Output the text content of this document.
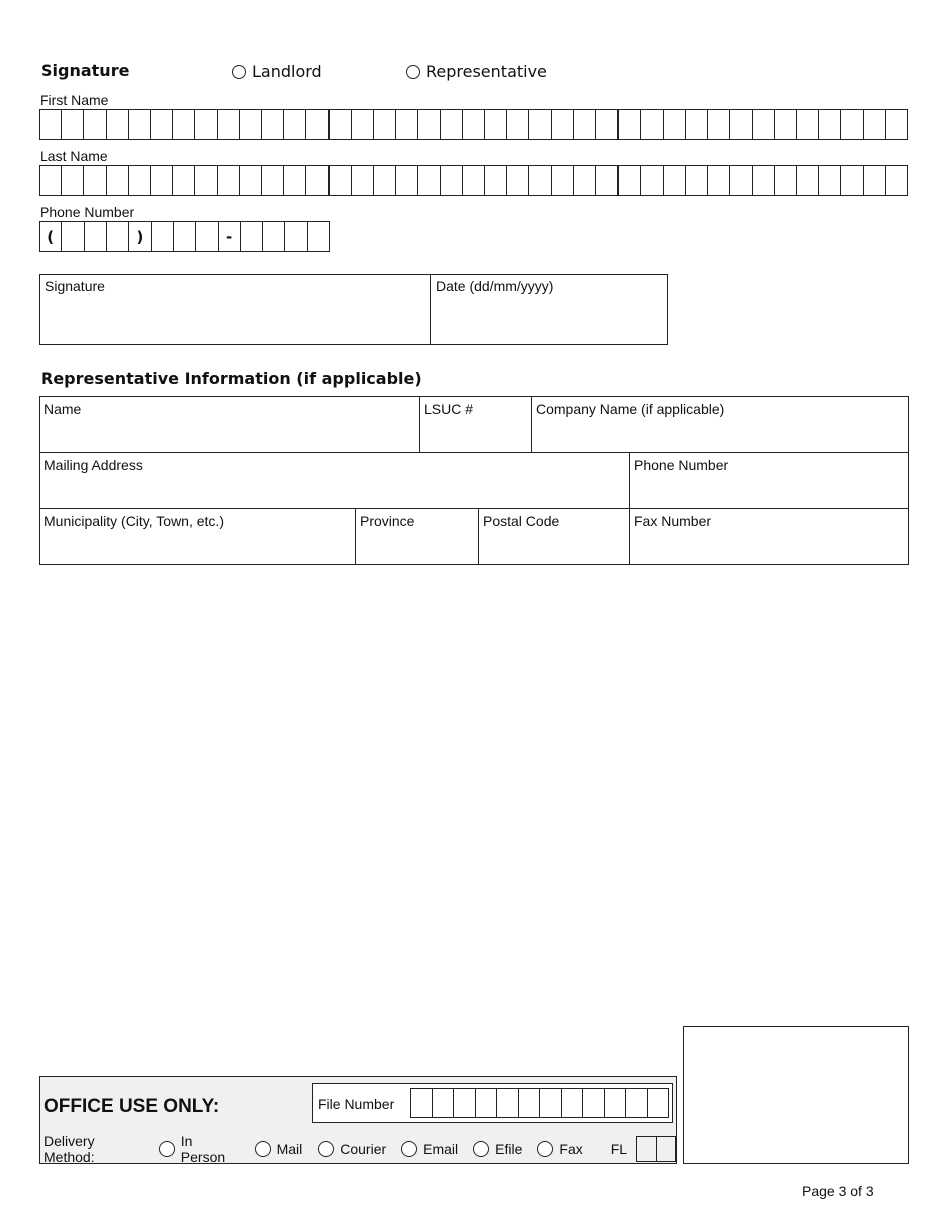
Signature	Landlord	Representative
First Name
Last Name
Phone Number
(	)	-
Signature	Date (dd/mm/yyyy)
Representative Information (if applicable)
Name	LSUC #	Company Name (if applicable)
Mailing Address	Phone Number
Municipality (City, Town, etc.)	Province	Postal Code	Fax Number
OFFICE USE ONLY:	File Number
Delivery Method:
In Person	Mail	Courier	Email	Efile	Fax FL
Page 3 of 3
